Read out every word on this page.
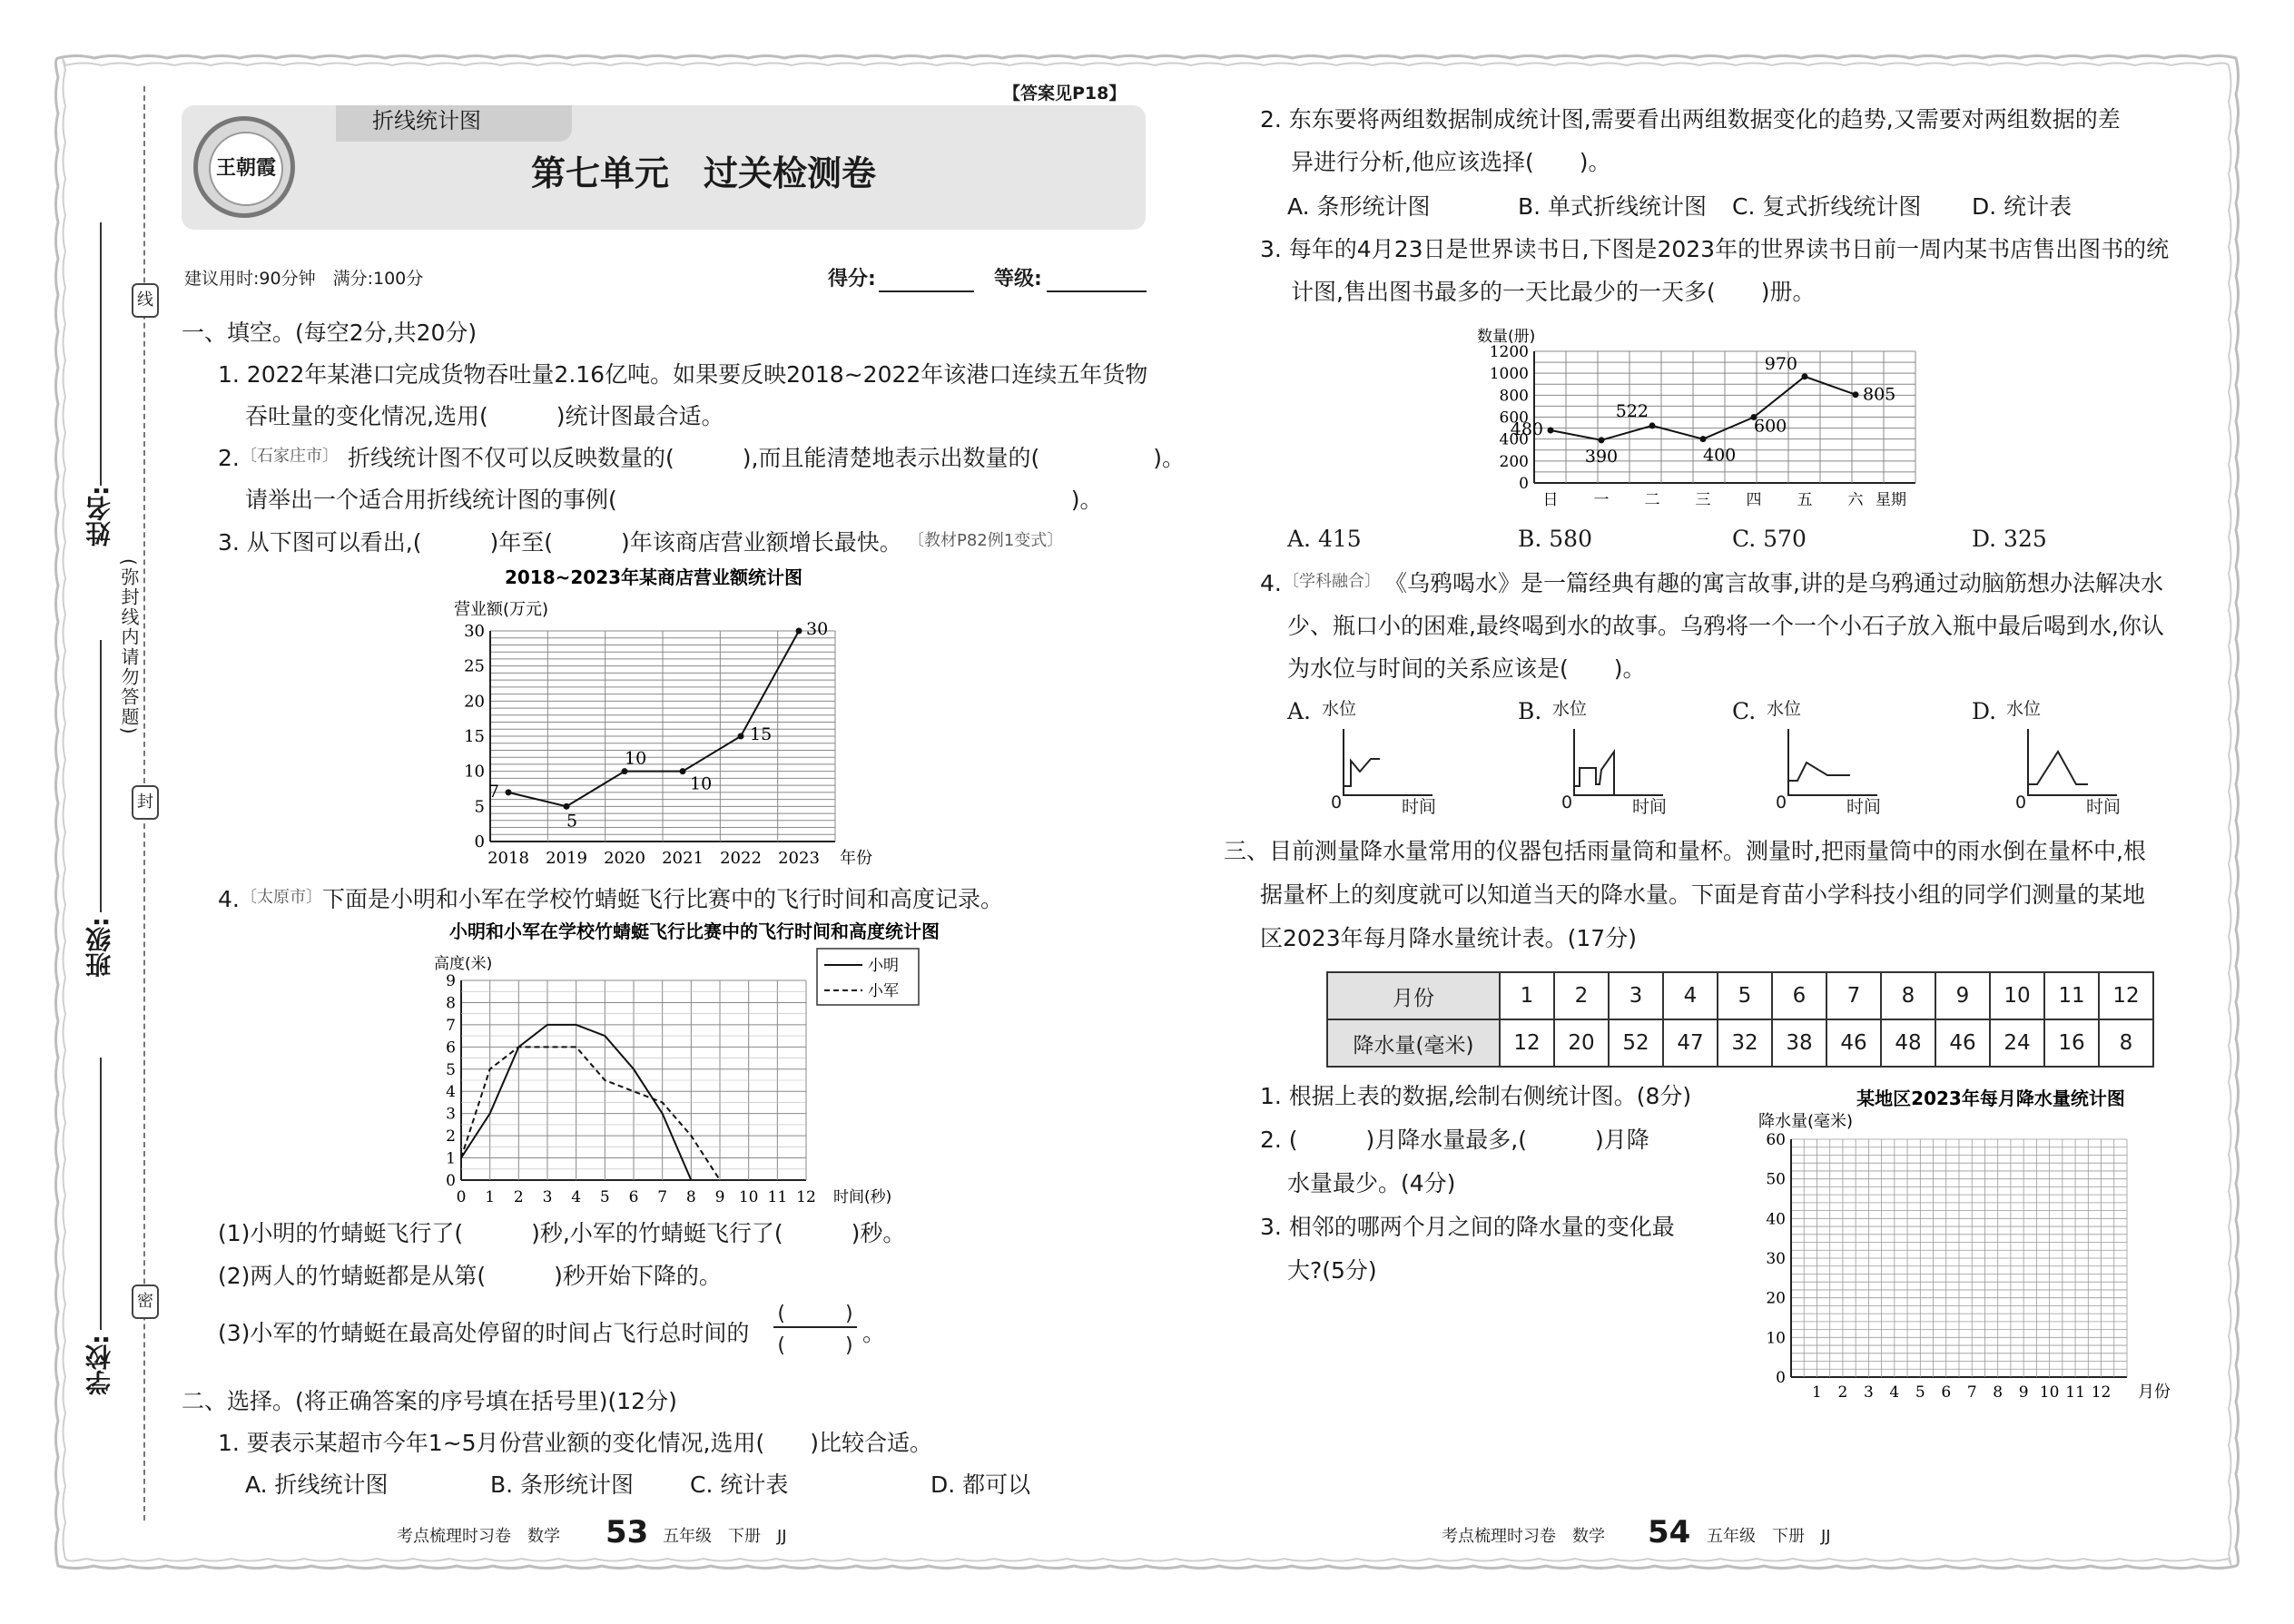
线
封
密
姓名:
班级:
学校:
(弥封线内请勿答题)
折线统计图
【答案见P18】
王朝霞	第七单元　过关检测卷
建议用时:90分钟　满分:100分	得分:	等级:
一、填空。(每空2分,共20分)
1. 2022年某港口完成货物吞吐量2.16亿吨。如果要反映2018~2022年该港口连续五年货物
吞吐量的变化情况,选用(　　　)统计图最合适。
2. 〔石家庄市〕 折线统计图不仅可以反映数量的(　　　),而且能清楚地表示出数量的(　　　　　)。
请举出一个适合用折线统计图的事例(　　　　　　　　　　　　　　　　　　　　)。
3. 从下图可以看出,(　　　)年至(　　　)年该商店营业额增长最快。 〔教材P82例1变式〕
0
5
10
15
20
25
30
2018 2019 2020 2021 2022 2023
营业额(万元)
年份
2018~2023年某商店营业额统计图
7
5
10
10
15
30
4. 〔太原市〕 下面是小明和小军在学校竹蜻蜓飞行比赛中的飞行时间和高度记录。
0
1
2
3
4
5
6
7
8
9
0 1 2 3 4 5 6 7 8 9 10 11 12
高度(米)
时间(秒)
小明和小军在学校竹蜻蜓飞行比赛中的飞行时间和高度统计图
小明
小军
(1)小明的竹蜻蜓飞行了(　　　)秒,小军的竹蜻蜓飞行了(　　　)秒。
(2)两人的竹蜻蜓都是从第(　　　)秒开始下降的。
(3)小军的竹蜻蜓在最高处停留的时间占飞行总时间的
(　　　)
(　　　) 。
二、选择。(将正确答案的序号填在括号里)(12分)
1. 要表示某超市今年1~5月份营业额的变化情况,选用(　　)比较合适。
A. 折线统计图	B. 条形统计图 C. 统计表	D. 都可以
考点梳理时习卷　数学 53 五年级　下册　JJ
2. 东东要将两组数据制成统计图,需要看出两组数据变化的趋势,又需要对两组数据的差
异进行分析,他应该选择(　　)。
A. 条形统计图	B. 单式折线统计图 C. 复式折线统计图 D. 统计表
3. 每年的4月23日是世界读书日,下图是2023年的世界读书日前一周内某书店售出图书的统
计图,售出图书最多的一天比最少的一天多(　　)册。
0
200
400
600
800
1000
1200
日 一 二 三 四 五 六
数量(册)
星期
480
390
522
400
600
970
805
A. 415	B. 580	C. 570	D. 325
4. 〔学科融合〕 《乌鸦喝水》是一篇经典有趣的寓言故事,讲的是乌鸦通过动脑筋想办法解决水
少、瓶口小的困难,最终喝到水的故事。乌鸦将一个一个小石子放入瓶中最后喝到水,你认
为水位与时间的关系应该是(　　)。
A. 水位
0	时间
B. 水位
0	时间
C. 水位
0	时间
D. 水位
0	时间
三、目前测量降水量常用的仪器包括雨量筒和量杯。测量时,把雨量筒中的雨水倒在量杯中,根
据量杯上的刻度就可以知道当天的降水量。下面是育苗小学科技小组的同学们测量的某地
区2023年每月降水量统计表。(17分)
月份	1	2	3	4	5	6	7	8	9	10	11	12
降水量(毫米)	12	20	52	47	32	38	46	48	46	24	16	8
1. 根据上表的数据,绘制右侧统计图。(8分)
2. (　　　)月降水量最多,(　　　)月降
水量最少。(4分)
3. 相邻的哪两个月之间的降水量的变化最
大?(5分)
某地区2023年每月降水量统计图
降水量(毫米)
0
10
20
30
40
50
60
1 2 3 4 5 6 7 8 9 10 11 12 月份
考点梳理时习卷　数学 54 五年级　下册　JJ
